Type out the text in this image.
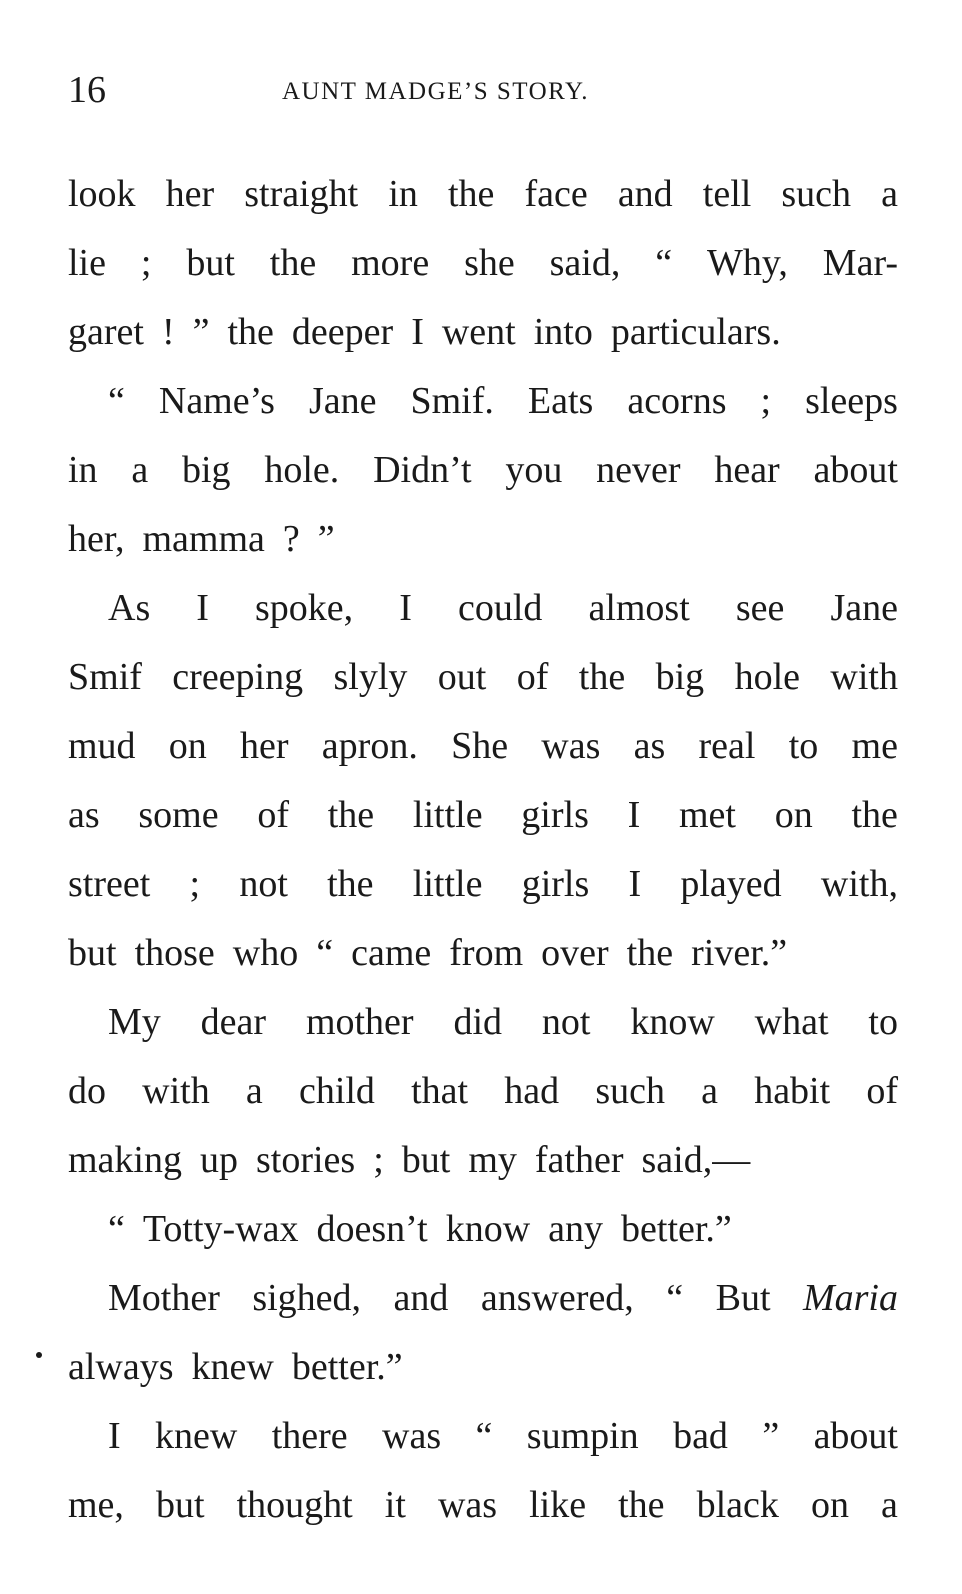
16	AUNT MADGE’S STORY.
look her straight in the face and tell such a
lie ; but the more she said, “ Why, Mar-
garet ! ” the deeper I went into particulars.
“ Name’s Jane Smif. Eats acorns ; sleeps
in a big hole. Didn’t you never hear about
her, mamma ? ”
As I spoke, I could almost see Jane
Smif creeping slyly out of the big hole with
mud on her apron. She was as real to me
as some of the little girls I met on the
street ; not the little girls I played with,
but those who “ came from over the river.”
My dear mother did not know what to
do with a child that had such a habit of
making up stories ; but my father said,—
“ Totty-wax doesn’t know any better.”
Mother sighed, and answered, “ But Maria
always knew better.”
I knew there was “ sumpin bad ” about
me, but thought it was like the black on a
